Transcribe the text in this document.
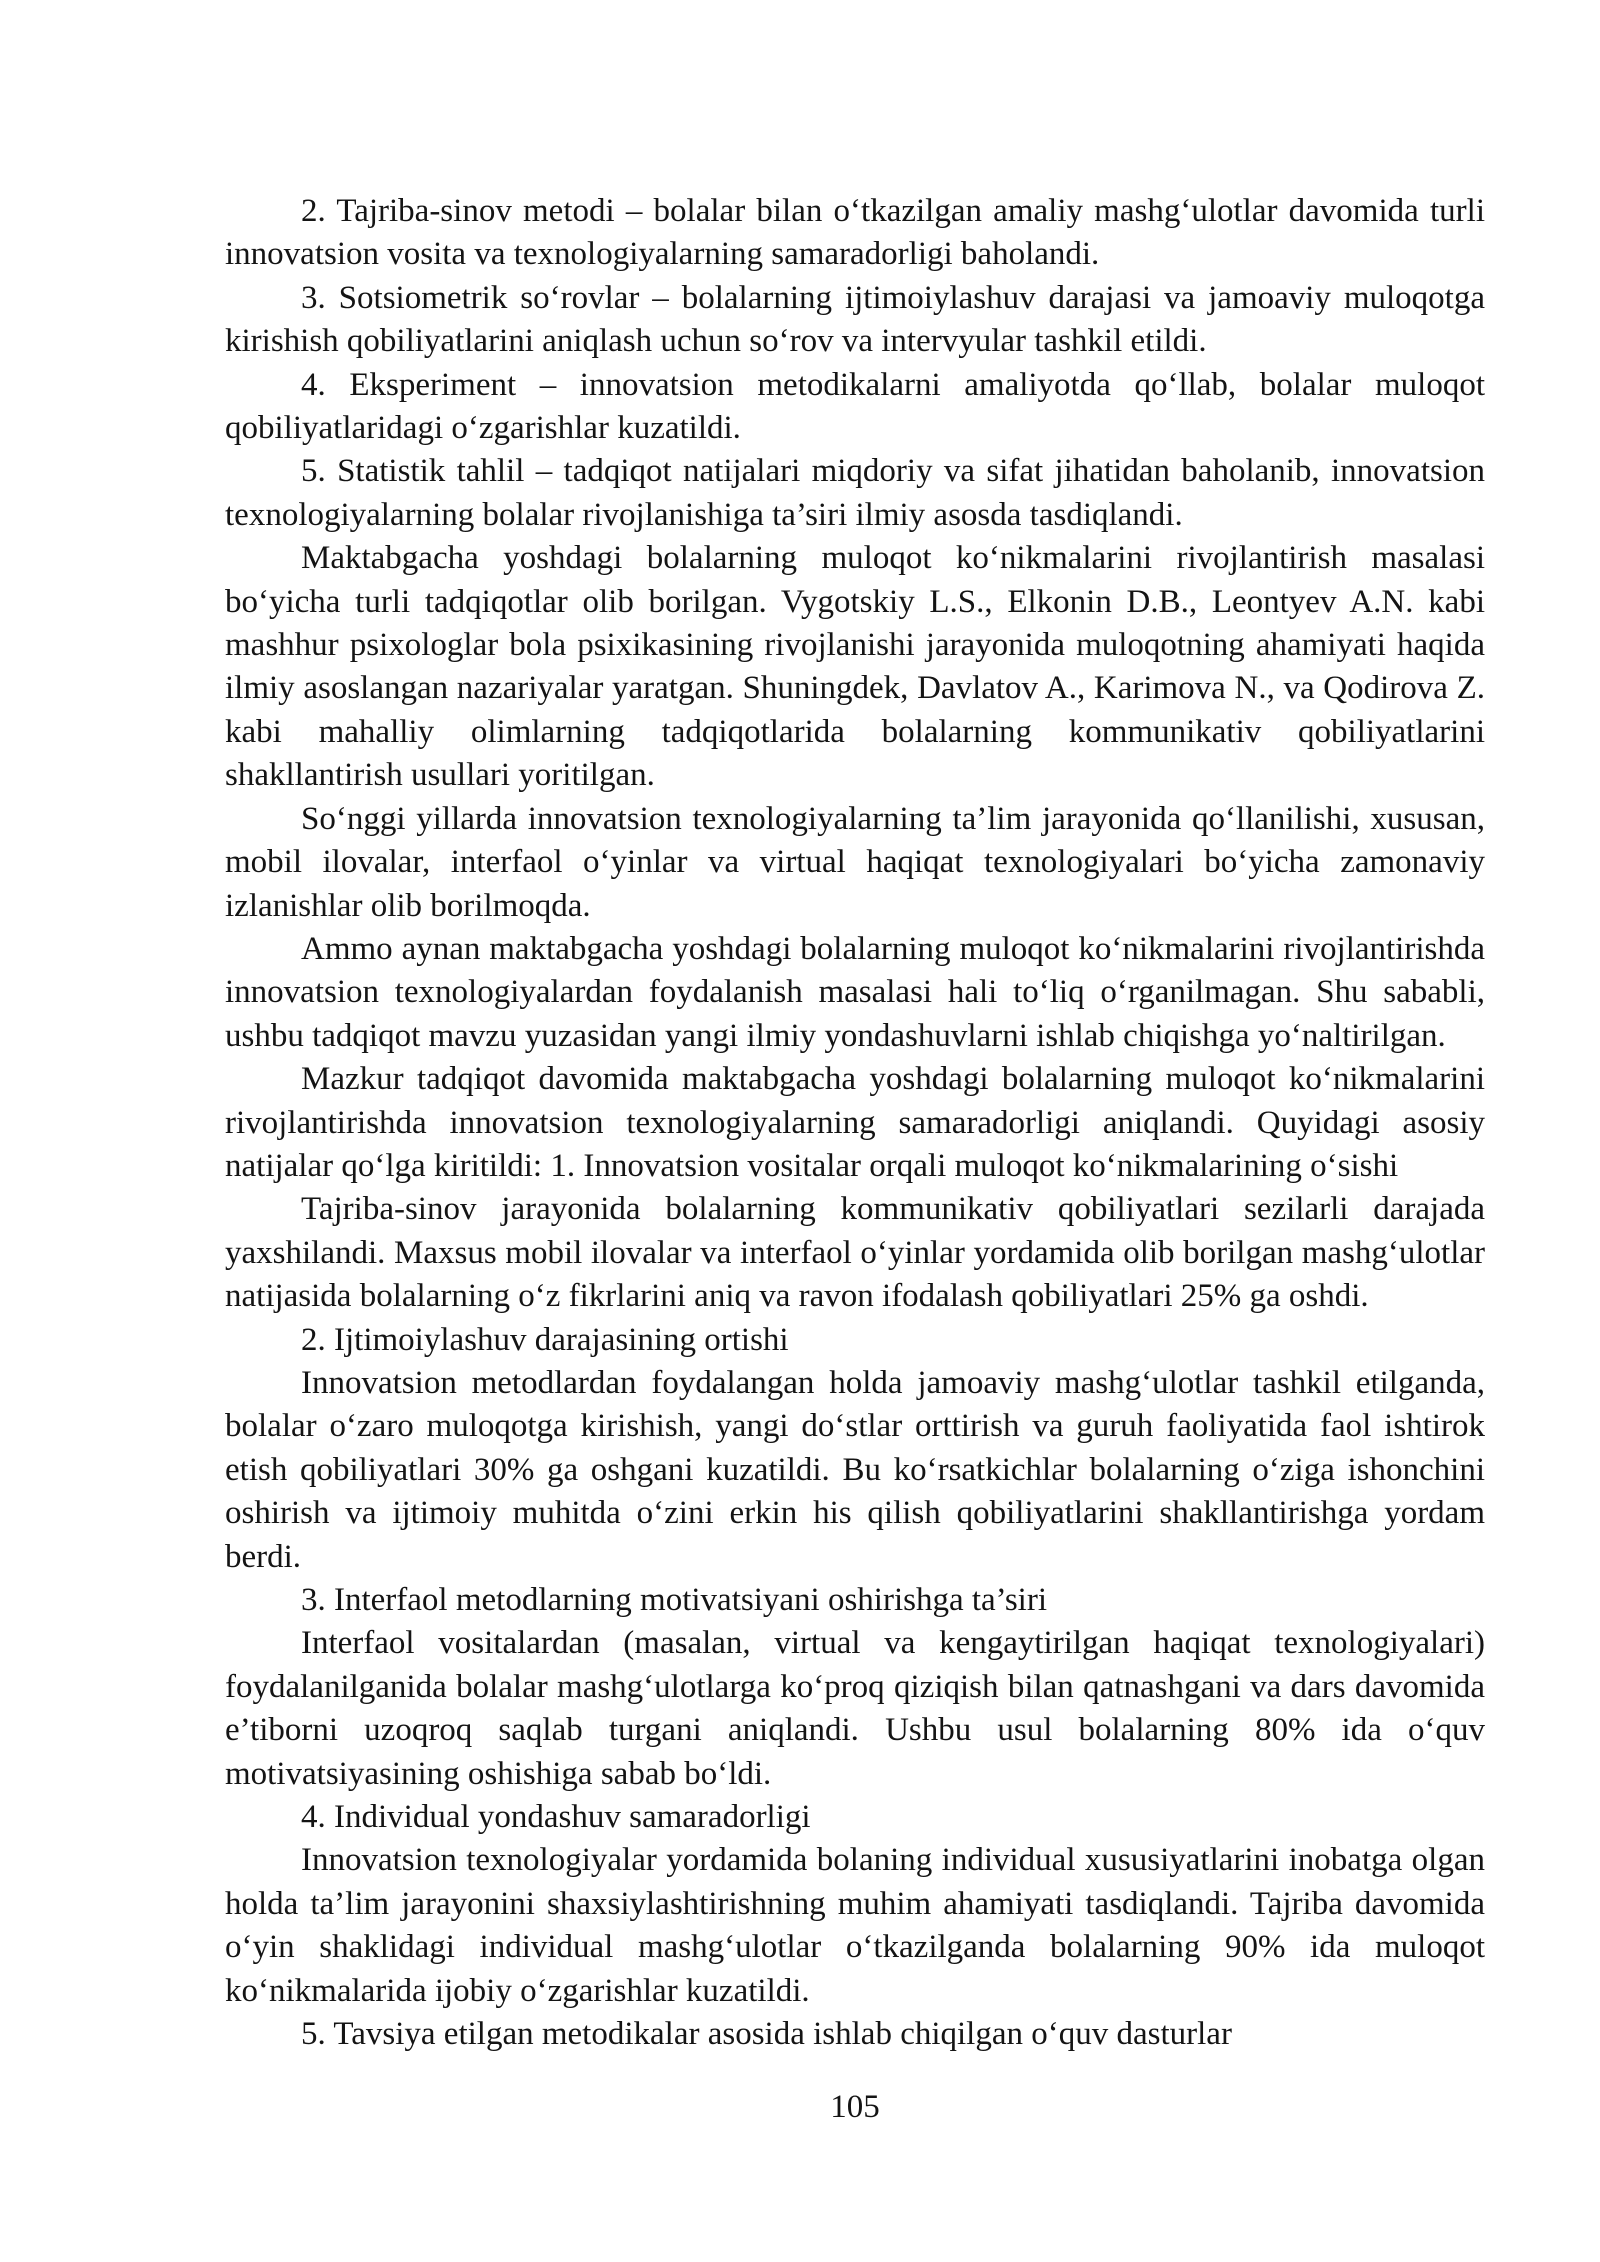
2. Tajriba-sinov metodi – bolalar bilan o‘tkazilgan amaliy mashg‘ulotlar davomida turli innovatsion vosita va texnologiyalarning samaradorligi baholandi.

3. Sotsiometrik so‘rovlar – bolalarning ijtimoiylashuv darajasi va jamoaviy muloqotga kirishish qobiliyatlarini aniqlash uchun so‘rov va intervyular tashkil etildi.

4. Eksperiment – innovatsion metodikalarni amaliyotda qo‘llab, bolalar muloqot qobiliyatlaridagi o‘zgarishlar kuzatildi.

5. Statistik tahlil – tadqiqot natijalari miqdoriy va sifat jihatidan baholanib, innovatsion texnologiyalarning bolalar rivojlanishiga ta’siri ilmiy asosda tasdiqlandi.

Maktabgacha yoshdagi bolalarning muloqot ko‘nikmalarini rivojlantirish masalasi bo‘yicha turli tadqiqotlar olib borilgan. Vygotskiy L.S., Elkonin D.B., Leontyev A.N. kabi mashhur psixologlar bola psixikasining rivojlanishi jarayonida muloqotning ahamiyati haqida ilmiy asoslangan nazariyalar yaratgan. Shuningdek, Davlatov A., Karimova N., va Qodirova Z. kabi mahalliy olimlarning tadqiqotlarida bolalarning kommunikativ qobiliyatlarini shakllantirish usullari yoritilgan.

So‘nggi yillarda innovatsion texnologiyalarning ta’lim jarayonida qo‘llanilishi, xususan, mobil ilovalar, interfaol o‘yinlar va virtual haqiqat texnologiyalari bo‘yicha zamonaviy izlanishlar olib borilmoqda.

Ammo aynan maktabgacha yoshdagi bolalarning muloqot ko‘nikmalarini rivojlantirishda innovatsion texnologiyalardan foydalanish masalasi hali to‘liq o‘rganilmagan. Shu sababli, ushbu tadqiqot mavzu yuzasidan yangi ilmiy yondashuvlarni ishlab chiqishga yo‘naltirilgan.

Mazkur tadqiqot davomida maktabgacha yoshdagi bolalarning muloqot ko‘nikmalarini rivojlantirishda innovatsion texnologiyalarning samaradorligi aniqlandi. Quyidagi asosiy natijalar qo‘lga kiritildi: 1. Innovatsion vositalar orqali muloqot ko‘nikmalarining o‘sishi

Tajriba-sinov jarayonida bolalarning kommunikativ qobiliyatlari sezilarli darajada yaxshilandi. Maxsus mobil ilovalar va interfaol o‘yinlar yordamida olib borilgan mashg‘ulotlar natijasida bolalarning o‘z fikrlarini aniq va ravon ifodalash qobiliyatlari 25% ga oshdi.

2. Ijtimoiylashuv darajasining ortishi

Innovatsion metodlardan foydalangan holda jamoaviy mashg‘ulotlar tashkil etilganda, bolalar o‘zaro muloqotga kirishish, yangi do‘stlar orttirish va guruh faoliyatida faol ishtirok etish qobiliyatlari 30% ga oshgani kuzatildi. Bu ko‘rsatkichlar bolalarning o‘ziga ishonchini oshirish va ijtimoiy muhitda o‘zini erkin his qilish qobiliyatlarini shakllantirishga yordam berdi.

3. Interfaol metodlarning motivatsiyani oshirishga ta’siri

Interfaol vositalardan (masalan, virtual va kengaytirilgan haqiqat texnologiyalari) foydalanilganida bolalar mashg‘ulotlarga ko‘proq qiziqish bilan qatnashgani va dars davomida e’tiborni uzoqroq saqlab turgani aniqlandi. Ushbu usul bolalarning 80% ida o‘quv motivatsiyasining oshishiga sabab bo‘ldi.

4. Individual yondashuv samaradorligi

Innovatsion texnologiyalar yordamida bolaning individual xususiyatlarini inobatga olgan holda ta’lim jarayonini shaxsiylashtirishning muhim ahamiyati tasdiqlandi. Tajriba davomida o‘yin shaklidagi individual mashg‘ulotlar o‘tkazilganda bolalarning 90% ida muloqot ko‘nikmalarida ijobiy o‘zgarishlar kuzatildi.

5. Tavsiya etilgan metodikalar asosida ishlab chiqilgan o‘quv dasturlar

105
